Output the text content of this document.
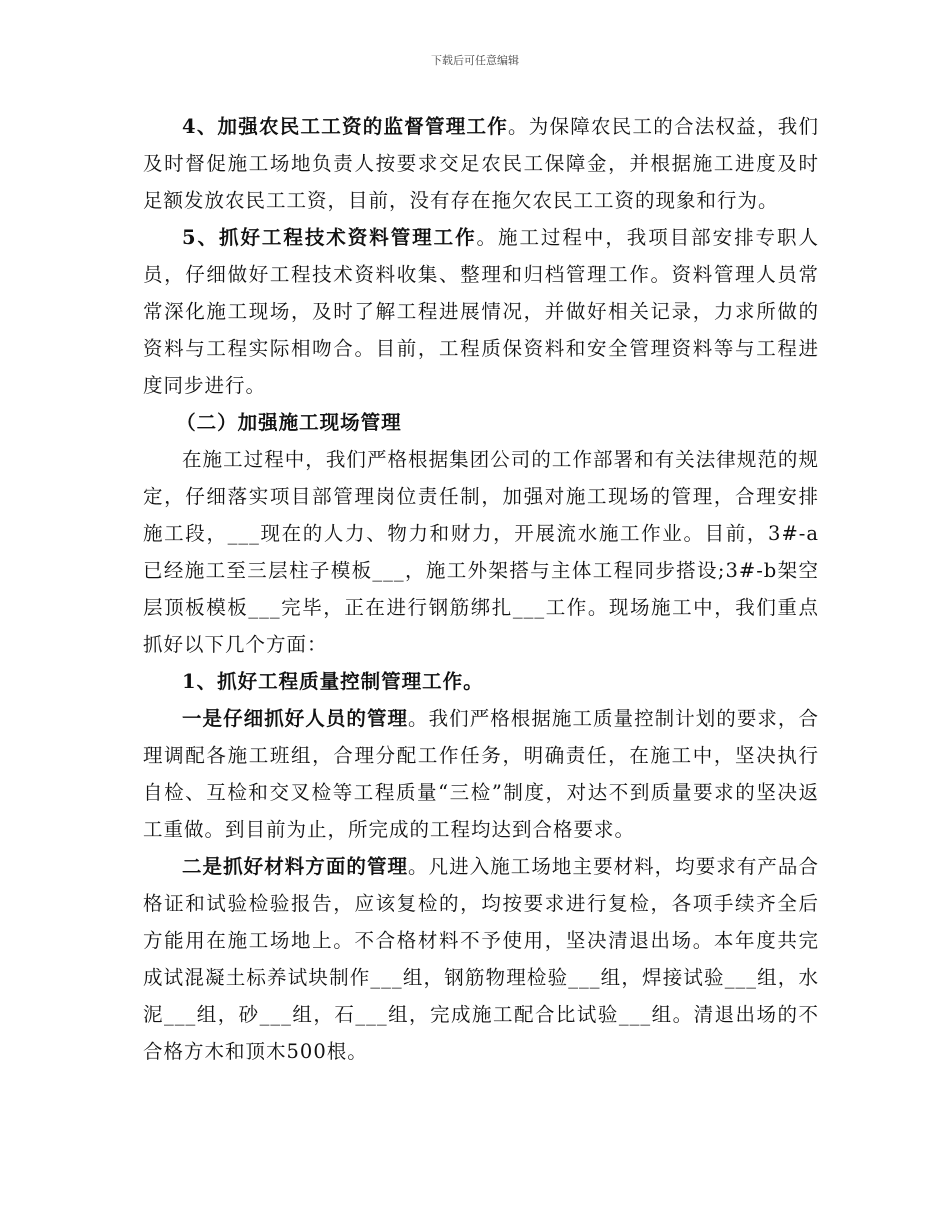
下载后可任意编辑

4、加强农民工工资的监督管理工作。为保障农民工的合法权益，我们及时督促施工场地负责人按要求交足农民工保障金，并根据施工进度及时足额发放农民工工资，目前，没有存在拖欠农民工工资的现象和行为。

5、抓好工程技术资料管理工作。施工过程中，我项目部安排专职人员，仔细做好工程技术资料收集、整理和归档管理工作。资料管理人员常常深化施工现场，及时了解工程进展情况，并做好相关记录，力求所做的资料与工程实际相吻合。目前，工程质保资料和安全管理资料等与工程进度同步进行。

（二）加强施工现场管理

在施工过程中，我们严格根据集团公司的工作部署和有关法律规范的规定，仔细落实项目部管理岗位责任制，加强对施工现场的管理，合理安排施工段，___现在的人力、物力和财力，开展流水施工作业。目前，3#-a已经施工至三层柱子模板___，施工外架搭与主体工程同步搭设;3#-b架空层顶板模板___完毕，正在进行钢筋绑扎___工作。现场施工中，我们重点抓好以下几个方面：

1、抓好工程质量控制管理工作。

一是仔细抓好人员的管理。我们严格根据施工质量控制计划的要求，合理调配各施工班组，合理分配工作任务，明确责任，在施工中，坚决执行自检、互检和交叉检等工程质量“三检”制度，对达不到质量要求的坚决返工重做。到目前为止，所完成的工程均达到合格要求。

二是抓好材料方面的管理。凡进入施工场地主要材料，均要求有产品合格证和试验检验报告，应该复检的，均按要求进行复检，各项手续齐全后方能用在施工场地上。不合格材料不予使用，坚决清退出场。本年度共完成试混凝土标养试块制作___组，钢筋物理检验___组，焊接试验___组，水泥___组，砂___组，石___组，完成施工配合比试验___组。清退出场的不合格方木和顶木500根。
